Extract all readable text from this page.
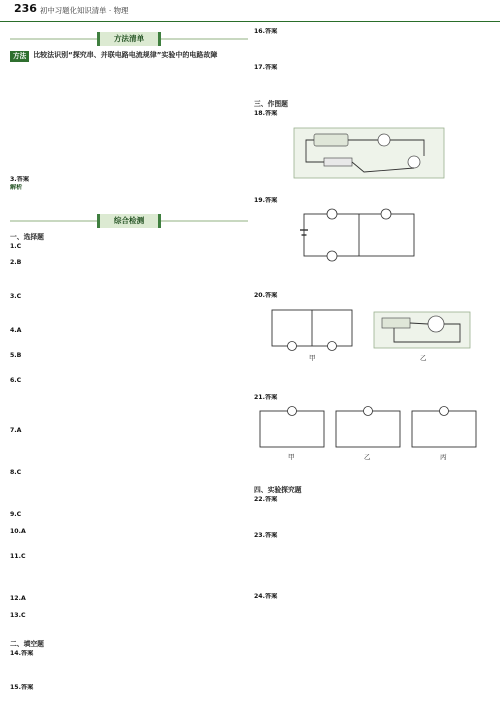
236 初中习题化知识清单 · 物理
方法清单
方法	比较法识别“探究串、并联电路电流规律”实验中的电路故障
3.答案
解析
综合检测
一、选择题
1.C
2.B
3.C
4.A
5.B
6.C
7.A
8.C
9.C
10.A
11.C
12.A
13.C
二、填空题
14.答案
15.答案
16.答案
17.答案
三、作图题
18.答案
19.答案
20.答案
甲	乙
21.答案
甲	乙	丙
四、实验探究题
22.答案
23.答案
24.答案
